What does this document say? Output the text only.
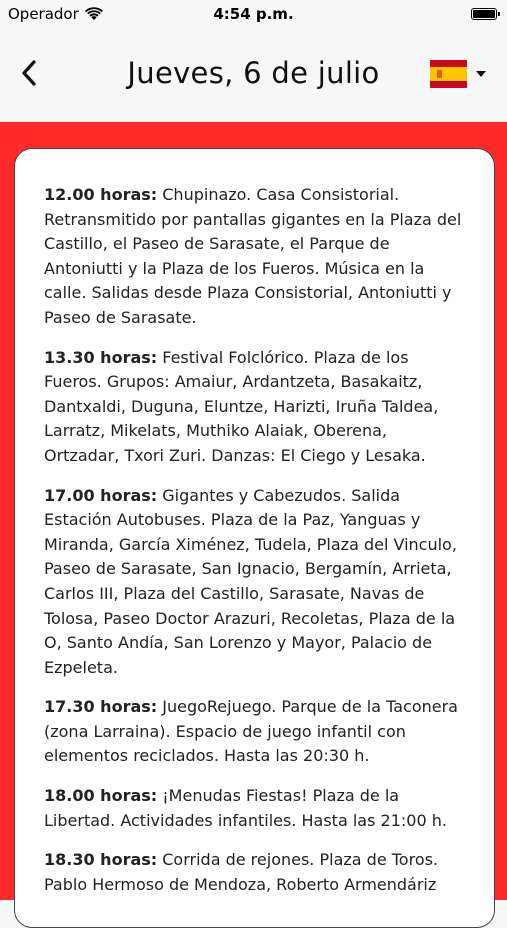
Operador	4:54 p.m.
Jueves, 6 de julio

12.00 horas: Chupinazo. Casa Consistorial. Retransmitido por pantallas gigantes en la Plaza del Castillo, el Paseo de Sarasate, el Parque de Antoniutti y la Plaza de los Fueros. Música en la calle. Salidas desde Plaza Consistorial, Antoniutti y Paseo de Sarasate.

13.30 horas: Festival Folclórico. Plaza de los Fueros. Grupos: Amaiur, Ardantzeta, Basakaitz, Dantxaldi, Duguna, Eluntze, Harizti, Iruña Taldea, Larratz, Mikelats, Muthiko Alaiak, Oberena, Ortzadar, Txori Zuri. Danzas: El Ciego y Lesaka.

17.00 horas: Gigantes y Cabezudos. Salida Estación Autobuses. Plaza de la Paz, Yanguas y Miranda, García Ximénez, Tudela, Plaza del Vinculo, Paseo de Sarasate, San Ignacio, Bergamín, Arrieta, Carlos III, Plaza del Castillo, Sarasate, Navas de Tolosa, Paseo Doctor Arazuri, Recoletas, Plaza de la O, Santo Andía, San Lorenzo y Mayor, Palacio de Ezpeleta.

17.30 horas: JuegoRejuego. Parque de la Taconera (zona Larraina). Espacio de juego infantil con elementos reciclados. Hasta las 20:30 h.

18.00 horas: ¡Menudas Fiestas! Plaza de la Libertad. Actividades infantiles. Hasta las 21:00 h.

18.30 horas: Corrida de rejones. Plaza de Toros. Pablo Hermoso de Mendoza, Roberto Armendáriz
